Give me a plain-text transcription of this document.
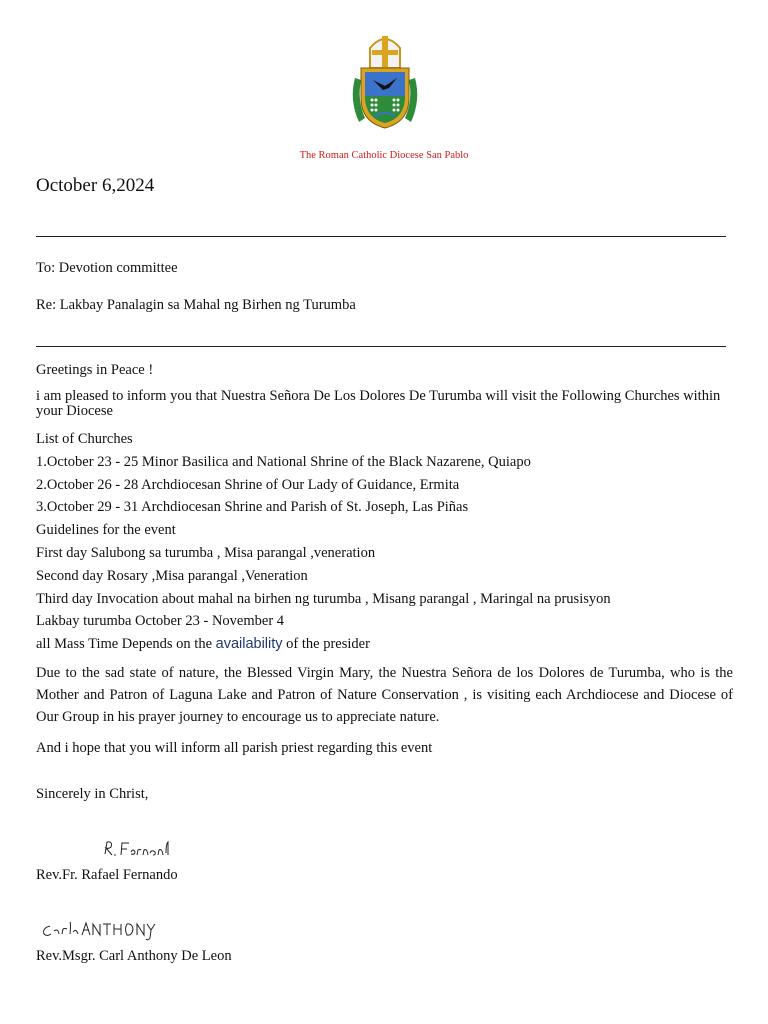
The Roman Catholic Diocese San Pablo
October 6,2024
To: Devotion committee
Re: Lakbay Panalagin sa Mahal ng Birhen ng Turumba
Greetings in Peace !
i am pleased to inform you that Nuestra Señora De Los Dolores De Turumba will visit the Following Churches within your Diocese
List of Churches
1.October 23 - 25 Minor Basilica and National Shrine of the Black Nazarene, Quiapo
2.October 26 - 28 Archdiocesan Shrine of Our Lady of Guidance, Ermita
3.October 29 - 31 Archdiocesan Shrine and Parish of St. Joseph, Las Piñas
Guidelines for the event
First day Salubong sa turumba , Misa parangal ,veneration
Second day Rosary ,Misa parangal ,Veneration
Third day Invocation about mahal na birhen ng turumba , Misang parangal , Maringal na prusisyon
Lakbay turumba October 23 - November 4
all Mass Time Depends on the availability of the presider
Due to the sad state of nature, the Blessed Virgin Mary, the Nuestra Señora de los Dolores de Turumba, who is the Mother and Patron of Laguna Lake and Patron of Nature Conservation , is visiting each Archdiocese and Diocese of Our Group in his prayer journey to encourage us to appreciate nature.
And i hope that you will inform all parish priest regarding this event
Sincerely in Christ,
Rev.Fr. Rafael Fernando
Rev.Msgr. Carl Anthony De Leon
